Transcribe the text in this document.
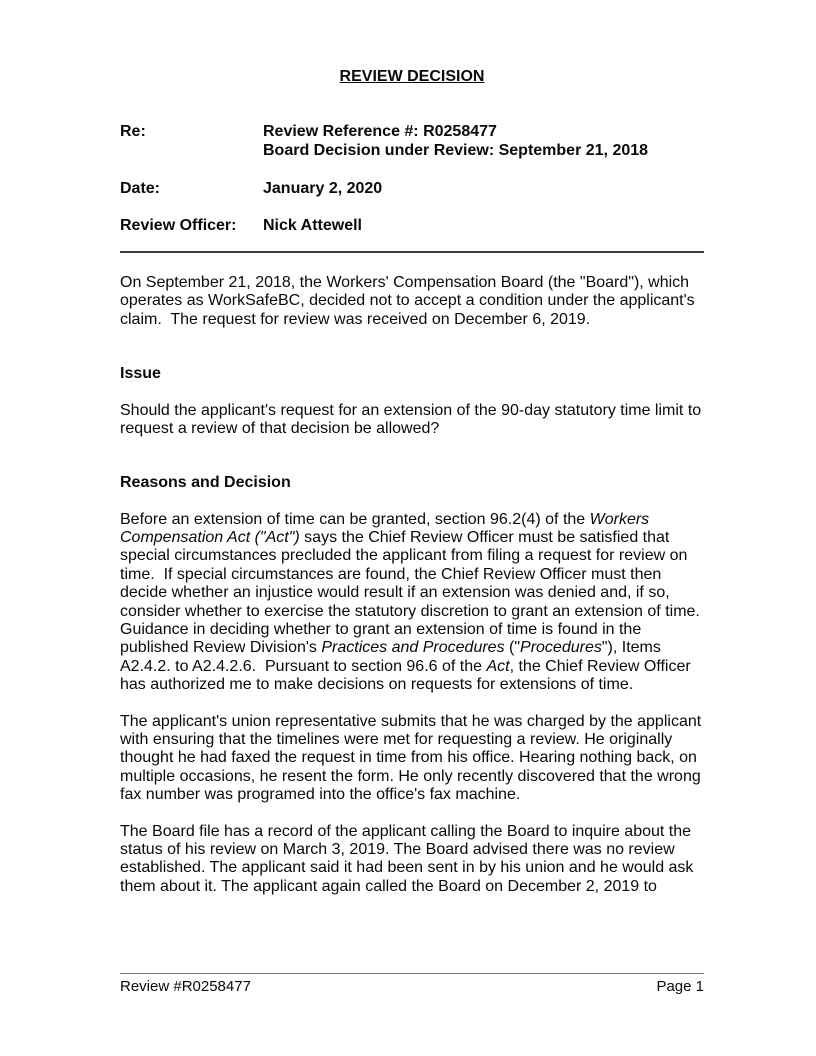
REVIEW DECISION
Re:	Review Reference #: R0258477
Board Decision under Review: September 21, 2018
Date:	January 2, 2020
Review Officer:	Nick Attewell

On September 21, 2018, the Workers' Compensation Board (the "Board"), which operates as WorkSafeBC, decided not to accept a condition under the applicant's claim.  The request for review was received on December 6, 2019.

Issue

Should the applicant's request for an extension of the 90-day statutory time limit to request a review of that decision be allowed?

Reasons and Decision

Before an extension of time can be granted, section 96.2(4) of the Workers Compensation Act ("Act") says the Chief Review Officer must be satisfied that special circumstances precluded the applicant from filing a request for review on time.  If special circumstances are found, the Chief Review Officer must then decide whether an injustice would result if an extension was denied and, if so, consider whether to exercise the statutory discretion to grant an extension of time.  Guidance in deciding whether to grant an extension of time is found in the published Review Division's Practices and Procedures ("Procedures"), Items A2.4.2. to A2.4.2.6.  Pursuant to section 96.6 of the Act, the Chief Review Officer has authorized me to make decisions on requests for extensions of time.

The applicant's union representative submits that he was charged by the applicant with ensuring that the timelines were met for requesting a review. He originally thought he had faxed the request in time from his office. Hearing nothing back, on multiple occasions, he resent the form. He only recently discovered that the wrong fax number was programed into the office's fax machine.

The Board file has a record of the applicant calling the Board to inquire about the status of his review on March 3, 2019. The Board advised there was no review established. The applicant said it had been sent in by his union and he would ask them about it. The applicant again called the Board on December 2, 2019 to

Review #R0258477	Page 1
